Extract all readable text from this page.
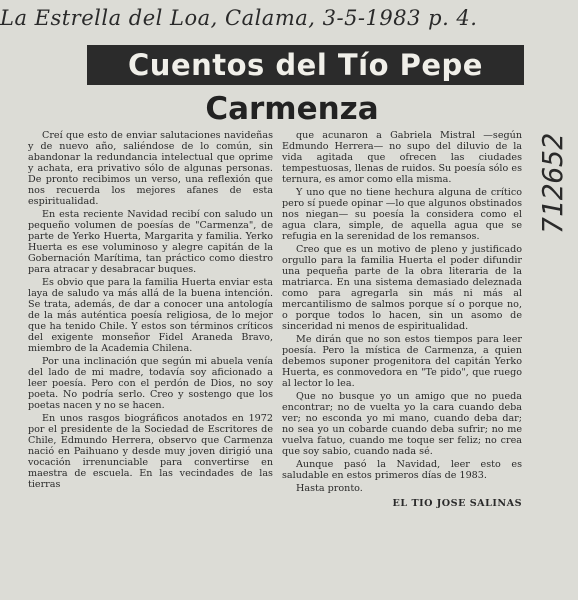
La Estrella del Loa, Calama, 3-5-1983 p. 4.
712652
Cuentos del Tío Pepe
Carmenza

Creí que esto de enviar salutaciones navideñas y de nuevo año, saliéndose de lo común, sin abandonar la redundancia intelectual que oprime y achata, era privativo sólo de algunas personas. De pronto recibimos un verso, una reflexión que nos recuerda los mejores afanes de esta espiritualidad.

En esta reciente Navidad recibí con saludo un pequeño volumen de poesías de "Carmenza", de parte de Yerko Huerta, Margarita y familia. Yerko Huerta es ese voluminoso y alegre capitán de la Gobernación Marítima, tan práctico como diestro para atracar y desabracar buques.

Es obvio que para la familia Huerta enviar esta laya de saludo va más allá de la buena intención. Se trata, además, de dar a conocer una antología de la más auténtica poesía religiosa, de lo mejor que ha tenido Chile. Y estos son términos críticos del exigente monseñor Fidel Araneda Bravo, miembro de la Academia Chilena.

Por una inclinación que según mi abuela venía del lado de mi madre, todavía soy aficionado a leer poesía. Pero con el perdón de Dios, no soy poeta. No podría serlo. Creo y sostengo que los poetas nacen y no se hacen.

En unos rasgos biográficos anotados en 1972 por el presidente de la Sociedad de Escritores de Chile, Edmundo Herrera, observo que Carmenza nació en Paihuano y desde muy joven dirigió una vocación irrenunciable para convertirse en maestra de escuela. En las vecindades de las tierras

que acunaron a Gabriela Mistral —según Edmundo Herrera— no supo del diluvio de la vida agitada que ofrecen las ciudades tempestuosas, llenas de ruidos. Su poesía sólo es ternura, es amor como ella misma.

Y uno que no tiene hechura alguna de crítico pero sí puede opinar —lo que algunos obstinados nos niegan— su poesía la considera como el agua clara, simple, de aquella agua que se refugia en la serenidad de los remansos.

Creo que es un motivo de pleno y justificado orgullo para la familia Huerta el poder difundir una pequeña parte de la obra literaria de la matriarca. En una sistema demasiado deleznada como para agregarla sin más ni más al mercantilismo de salmos porque sí o porque no, o porque todos lo hacen, sin un asomo de sinceridad ni menos de espiritualidad.

Me dirán que no son estos tiempos para leer poesía. Pero la mística de Carmenza, a quien debemos suponer progenitora del capitán Yerko Huerta, es conmovedora en "Te pido", que ruego al lector lo lea.

Que no busque yo un amigo que no pueda encontrar; no de vuelta yo la cara cuando deba ver; no esconda yo mi mano, cuando deba dar; no sea yo un cobarde cuando deba sufrir; no me vuelva fatuo, cuando me toque ser feliz; no crea que soy sabio, cuando nada sé.

Aunque pasó la Navidad, leer esto es saludable en estos primeros días de 1983.

Hasta pronto.

EL TIO JOSE SALINAS
